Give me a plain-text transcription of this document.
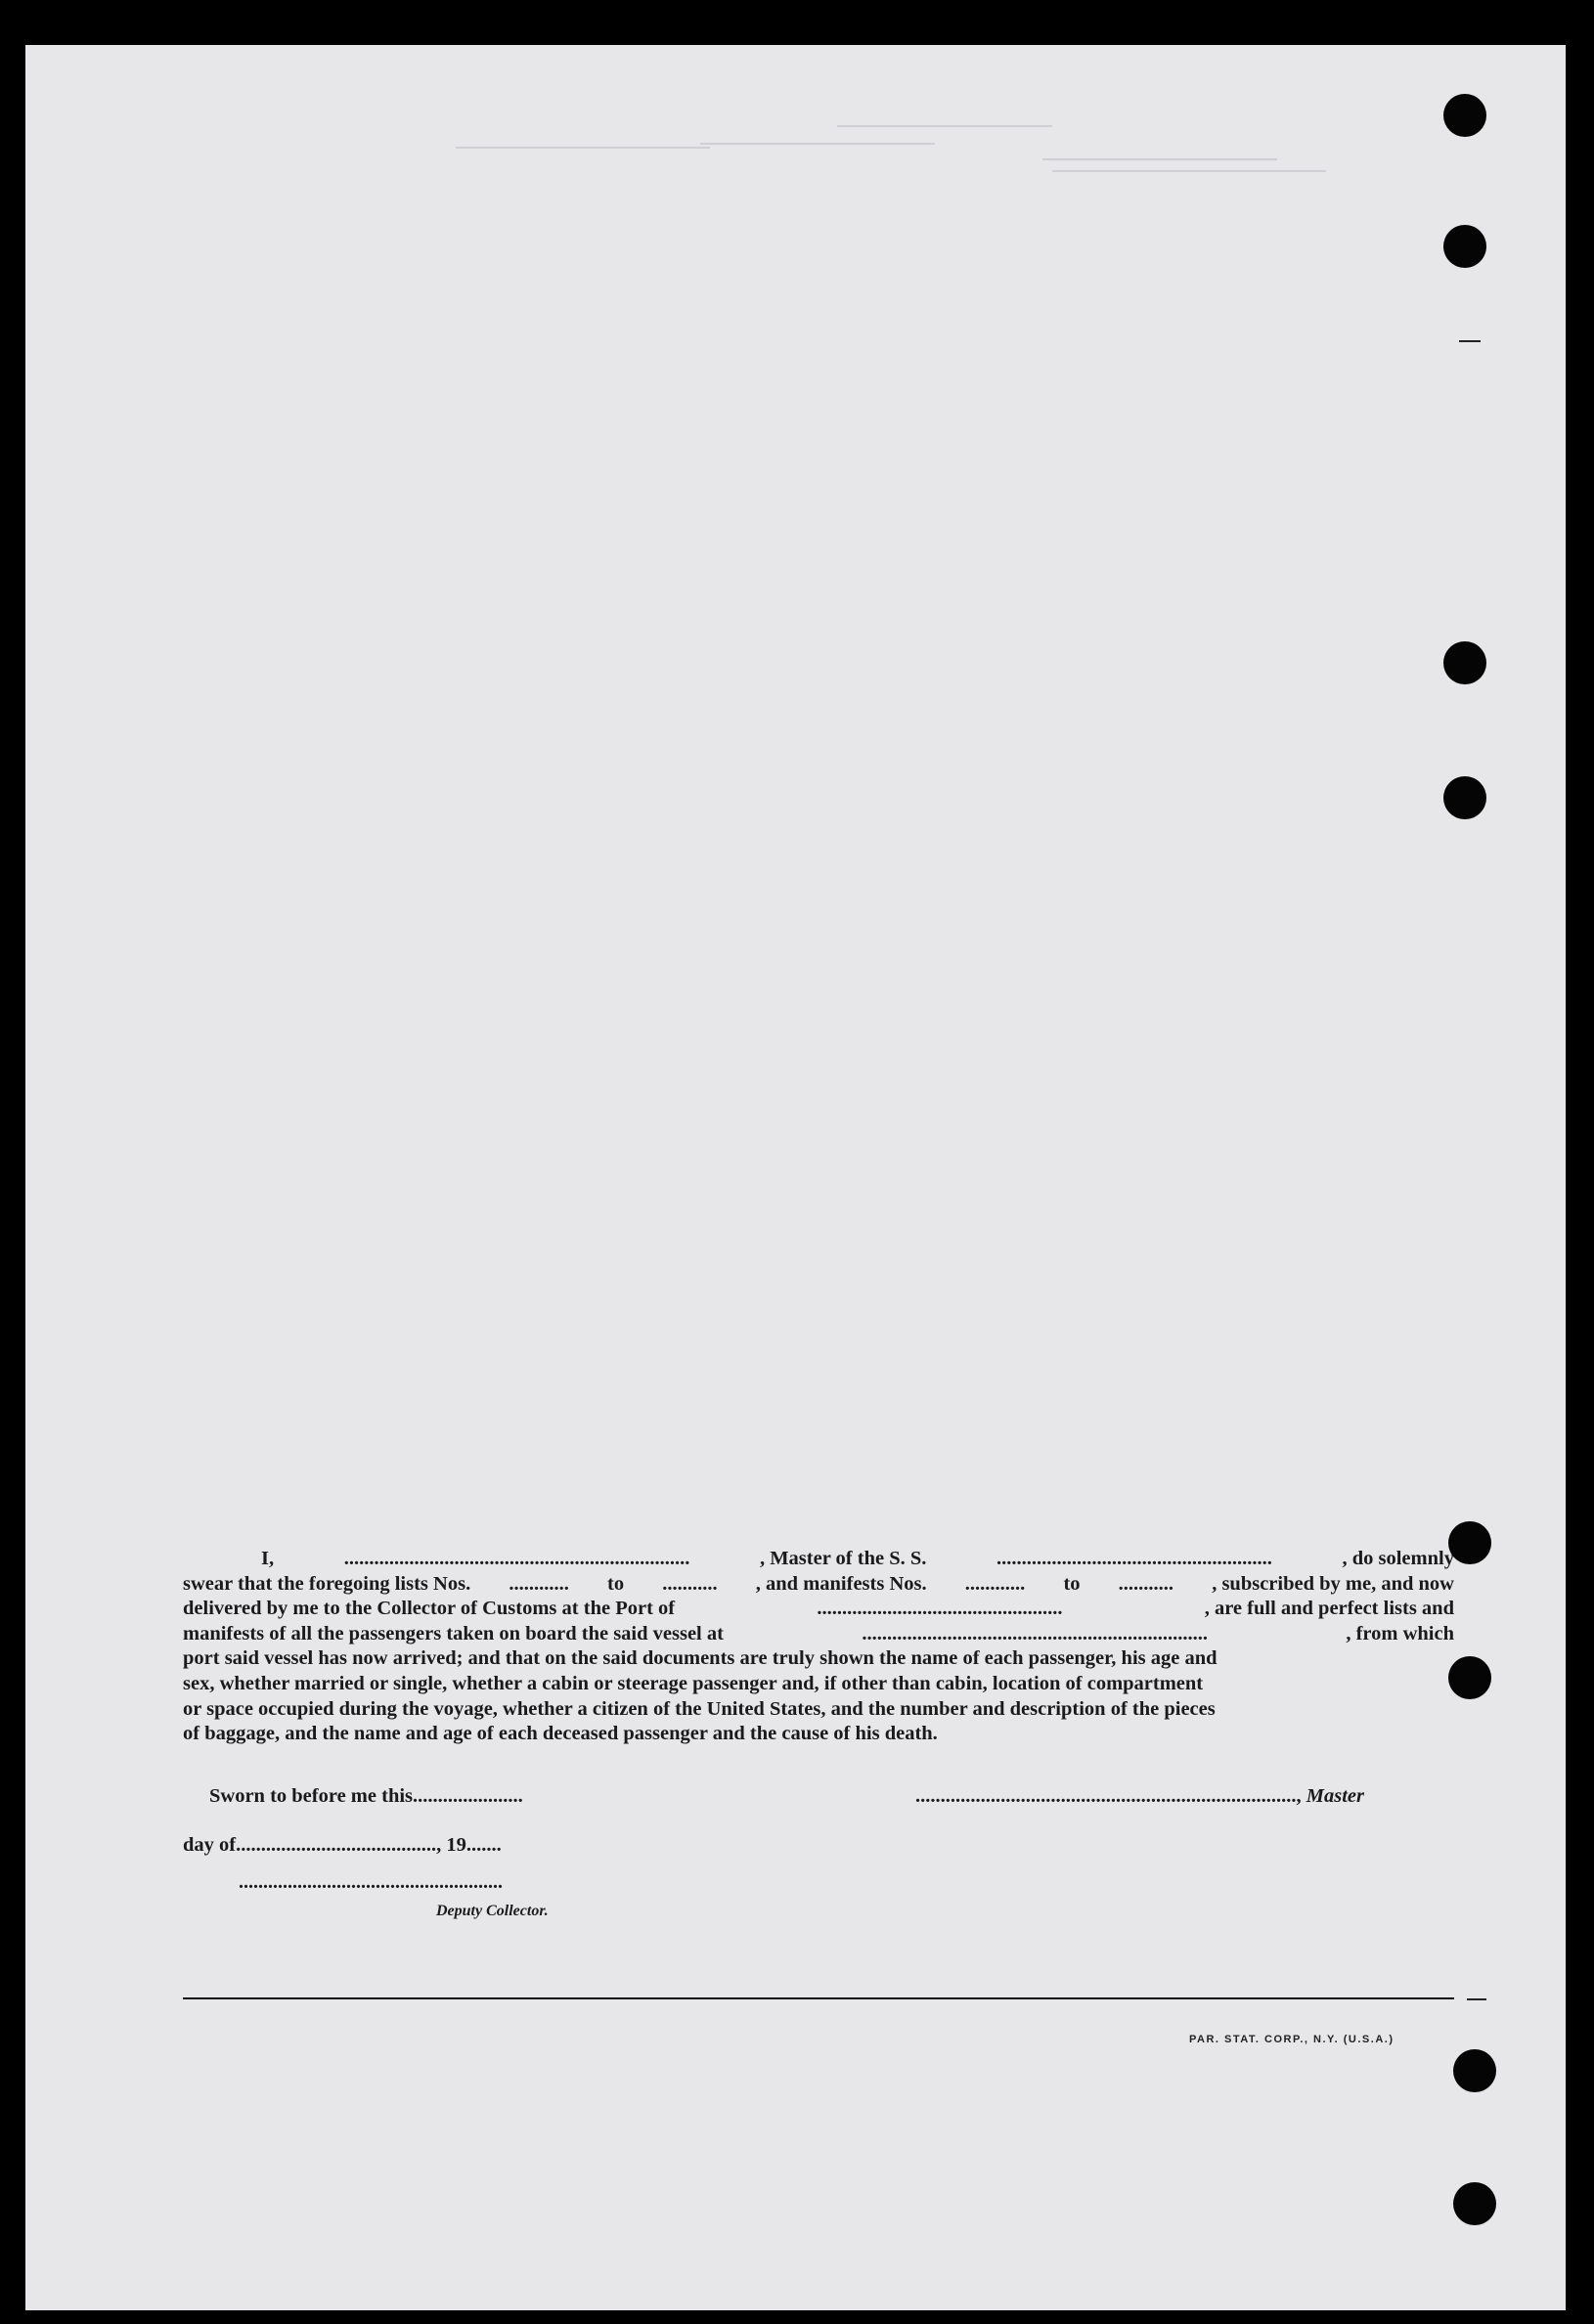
I,	.....................................................................	, Master of the S. S.	.......................................................	, do solemnly
swear that the foregoing lists Nos. ............ to ........... , and manifests Nos. ............ to ........... , subscribed by me, and now
delivered by me to the Collector of Customs at the Port of	.................................................	, are full and perfect lists and
manifests of all the passengers taken on board the said vessel at	.....................................................................	, from which
port said vessel has now arrived; and that on the said documents are truly shown the name of each passenger, his age and
sex, whether married or single, whether a cabin or steerage passenger and, if other than cabin, location of compartment
or space occupied during the voyage, whether a citizen of the United States, and the number and description of the pieces
of baggage, and the name and age of each deceased passenger and the cause of his death.
Sworn to before me this......................	............................................................................, Master
day of........................................, 19.......
......................................................
Deputy Collector.
PAR. STAT. CORP., N.Y. (U.S.A.)
